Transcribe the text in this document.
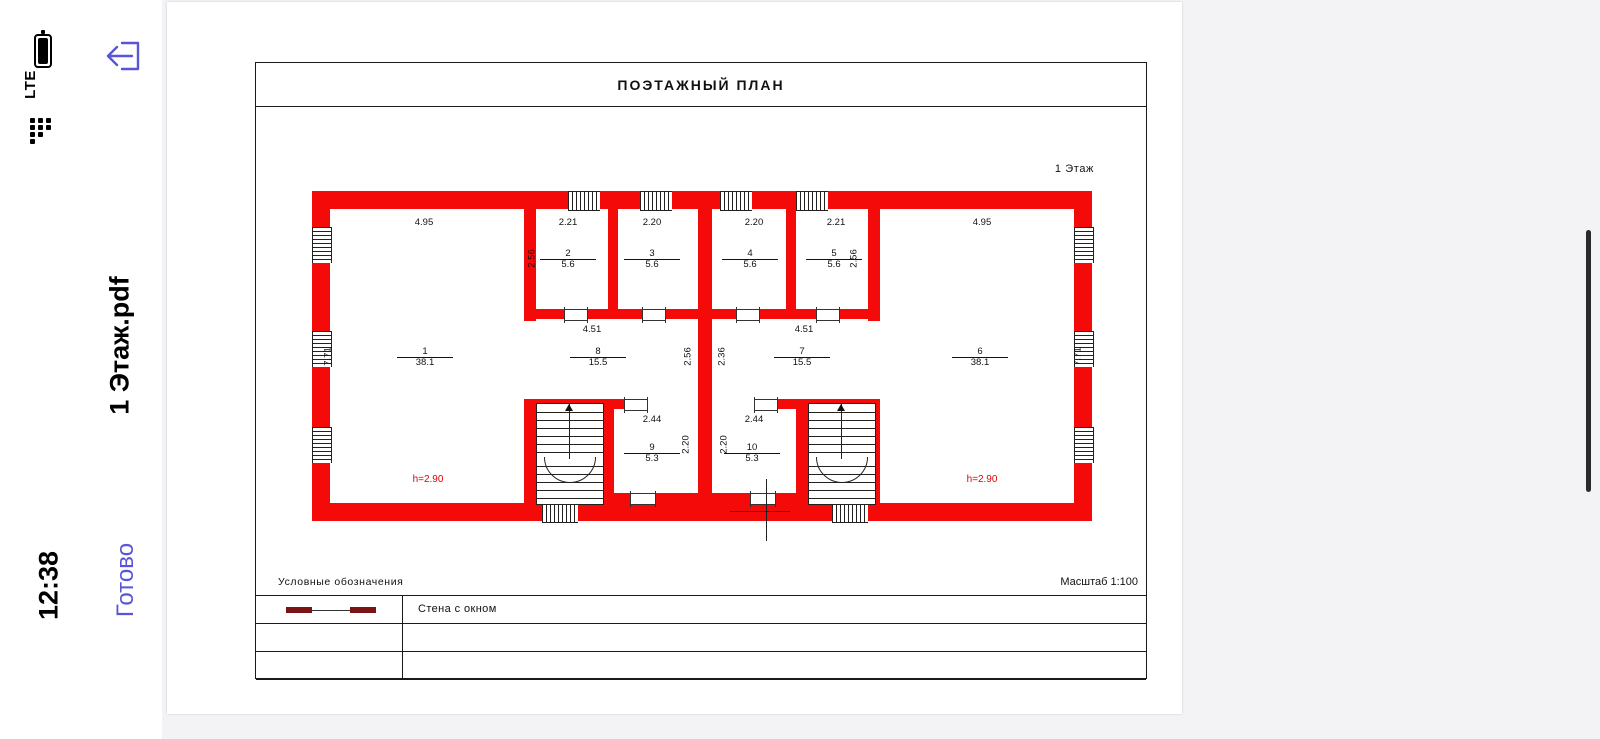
LTE
12:38
1 Этаж.pdf
Готово
ПОЭТАЖНЫЙ ПЛАН
1 Этаж
Масштаб 1:100
Условные обозначения
Стена с окном
4.95	2.21	2.20	2.20	2.21	4.95
4.51	4.51
2.44	2.44
7.71
2.56	2.56
2.56 2.36
2.20	2.20
7.71
1
38.1
2
5.6
3
5.6
4
5.6
5
5.6
6
38.1
7
15.5
8
15.5
9
5.3
10
5.3
h=2.90	h=2.90
